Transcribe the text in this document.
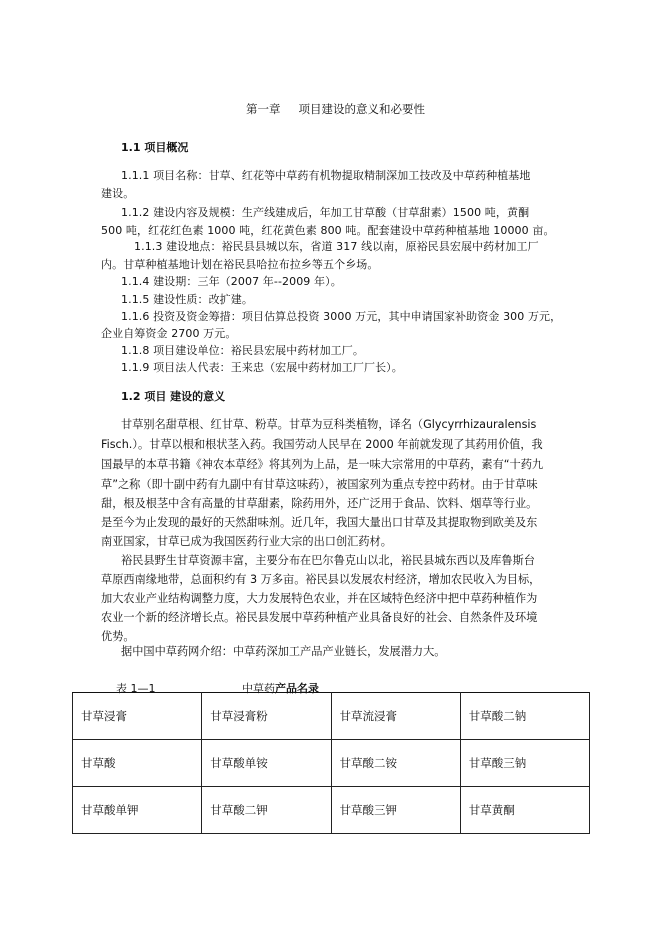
第一章 项目建设的意义和必要性
1.1 项目概况
1.1.1 项目名称：甘草、红花等中草药有机物提取精制深加工技改及中草药种植基地
建设。
1.1.2 建设内容及规模：生产线建成后，年加工甘草酸（甘草甜素）1500 吨，黄酮
500 吨，红花红色素 1000 吨，红花黄色素 800 吨。配套建设中草药种植基地 10000 亩。
1.1.3 建设地点：裕民县县城以东，省道 317 线以南，原裕民县宏展中药材加工厂
内。甘草种植基地计划在裕民县哈拉布拉乡等五个乡场。
1.1.4 建设期：三年（2007 年--2009 年）。
1.1.5 建设性质：改扩建。
1.1.6 投资及资金筹措：项目估算总投资 3000 万元，其中申请国家补助资金 300 万元，
企业自筹资金 2700 万元。
1.1.8 项目建设单位：裕民县宏展中药材加工厂。
1.1.9 项目法人代表：王来忠（宏展中药材加工厂厂长）。
1.2 项目 建设的意义
甘草别名甜草根、红甘草、粉草。甘草为豆科类植物，译名（Glycyrrhizauralensis
Fisch.）。甘草以根和根状茎入药。我国劳动人民早在 2000 年前就发现了其药用价值，我
国最早的本草书籍《神农本草经》将其列为上品，是一味大宗常用的中草药，素有“十药九
草”之称（即十副中药有九副中有甘草这味药），被国家列为重点专控中药材。由于甘草味
甜，根及根茎中含有高量的甘草甜素，除药用外，还广泛用于食品、饮料、烟草等行业。
是至今为止发现的最好的天然甜味剂。近几年，我国大量出口甘草及其提取物到欧美及东
南亚国家，甘草已成为我国医药行业大宗的出口创汇药材。
裕民县野生甘草资源丰富，主要分布在巴尔鲁克山以北，裕民县城东西以及库鲁斯台
草原西南缘地带，总面积约有 3 万多亩。裕民县以发展农村经济，增加农民收入为目标，
加大农业产业结构调整力度，大力发展特色农业，并在区域特色经济中把中草药种植作为
农业一个新的经济增长点。裕民县发展中草药种植产业具备良好的社会、自然条件及环境
优势。
据中国中草药网介绍：中草药深加工产品产业链长，发展潜力大。
表 1—1	中草药产品名录
甘草浸膏	甘草浸膏粉	甘草流浸膏	甘草酸二钠
甘草酸	甘草酸单铵	甘草酸二铵	甘草酸三钠
甘草酸单钾	甘草酸二钾	甘草酸三钾	甘草黄酮
